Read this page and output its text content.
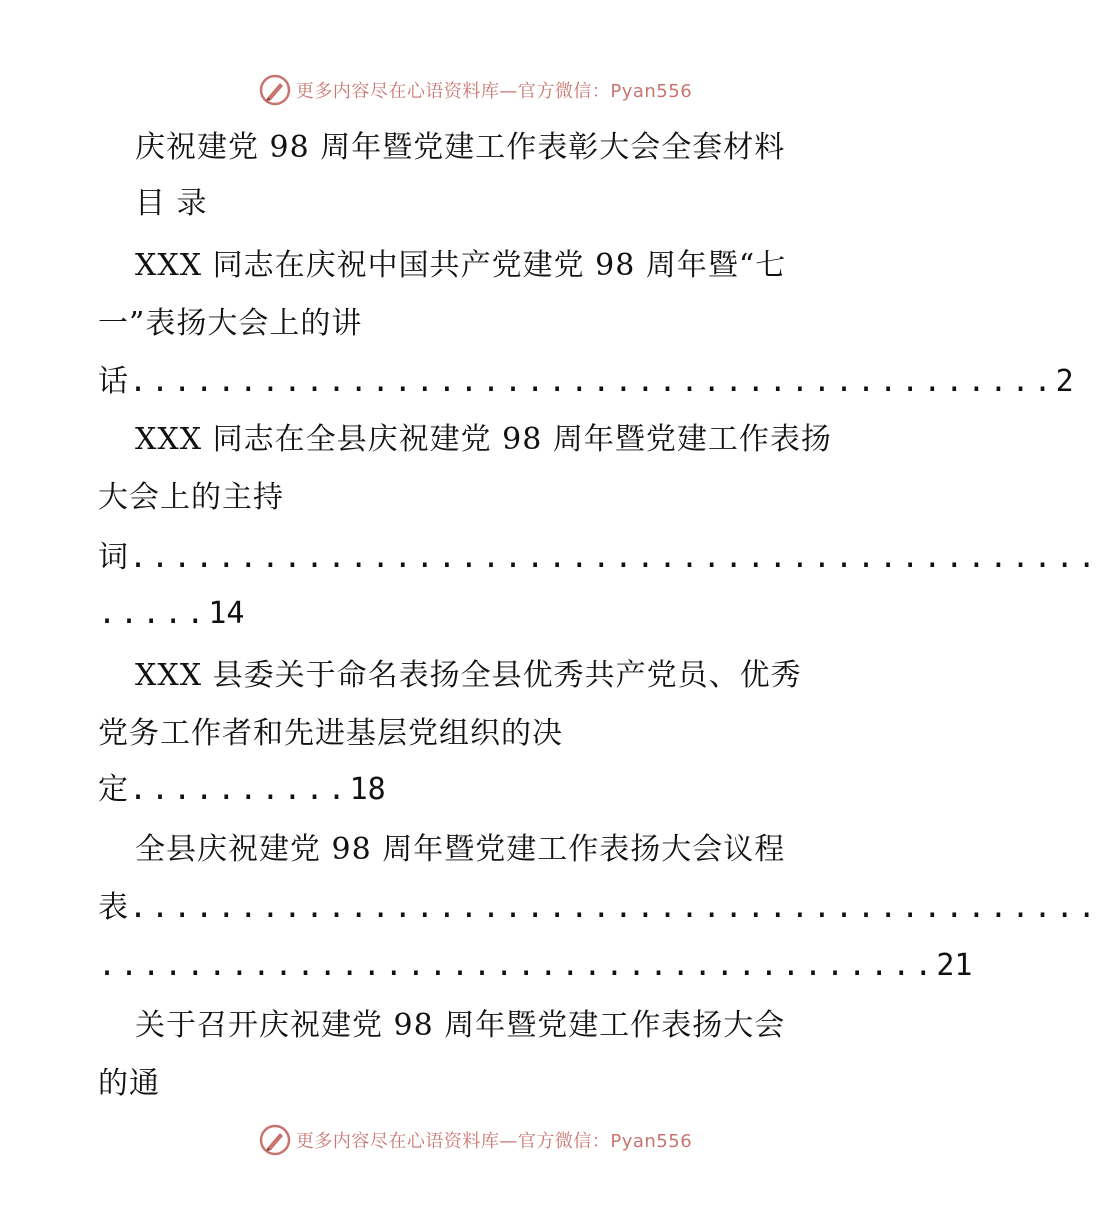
更多内容尽在心语资料库—官方微信：Pyan556
庆祝建党 98 周年暨党建工作表彰大会全套材料
目 录
XXX 同志在庆祝中国共产党建党 98 周年暨“七
一”表扬大会上的讲
话..........................................2
XXX 同志在全县庆祝建党 98 周年暨党建工作表扬
大会上的主持
词............................................
.....14
XXX 县委关于命名表扬全县优秀共产党员、优秀
党务工作者和先进基层党组织的决
定..........18
全县庆祝建党 98 周年暨党建工作表扬大会议程
表............................................
......................................21
关于召开庆祝建党 98 周年暨党建工作表扬大会
的通
更多内容尽在心语资料库—官方微信：Pyan556
